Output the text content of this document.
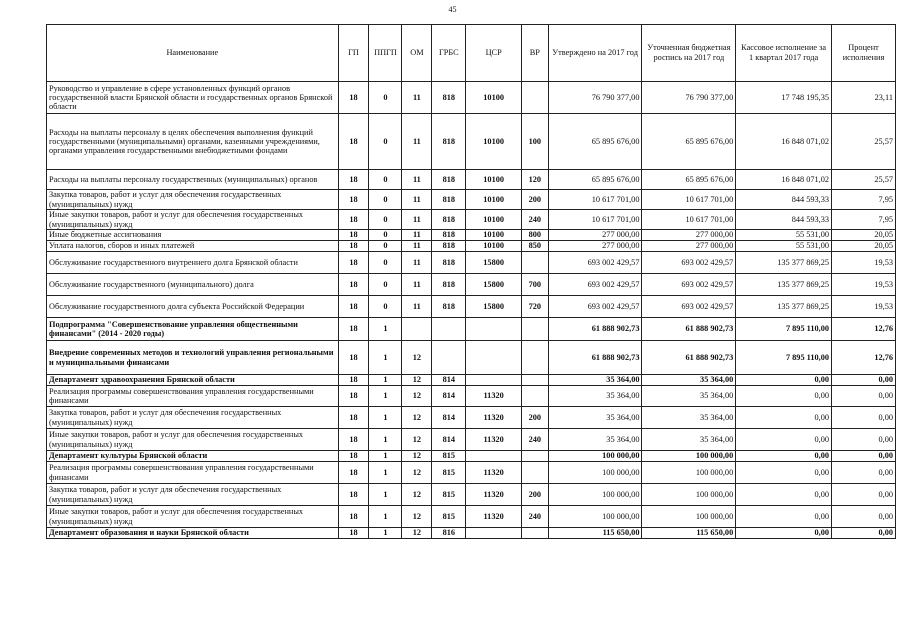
45
Наименование	ГП	ППГП	ОМ	ГРБС	ЦСР	ВР	Утверждено на 2017 год	Уточненная бюджетная роспись на 2017 год	Кассовое исполнение за 1 квартал 2017 года	Процент исполнения
Руководство и управление в сфере установленных функций органов государственной власти Брянской области и государственных органов Брянской области	18	0	11	818	10100		76 790 377,00	76 790 377,00	17 748 195,35	23,11
Расходы на выплаты персоналу в целях обеспечения выполнения функций государственными (муниципальными) органами, казенными учреждениями, органами управления государственными внебюджетными фондами	18	0	11	818	10100	100	65 895 676,00	65 895 676,00	16 848 071,02	25,57
Расходы на выплаты персоналу государственных (муниципальных) органов	18	0	11	818	10100	120	65 895 676,00	65 895 676,00	16 848 071,02	25,57
Закупка товаров, работ и услуг для обеспечения государственных (муниципальных) нужд	18	0	11	818	10100	200	10 617 701,00	10 617 701,00	844 593,33	7,95
Иные закупки товаров, работ и услуг для обеспечения государственных (муниципальных) нужд	18	0	11	818	10100	240	10 617 701,00	10 617 701,00	844 593,33	7,95
Иные бюджетные ассигнования	18	0	11	818	10100	800	277 000,00	277 000,00	55 531,00	20,05
Уплата налогов, сборов и иных платежей	18	0	11	818	10100	850	277 000,00	277 000,00	55 531,00	20,05
Обслуживание государственного внутреннего долга Брянской области	18	0	11	818	15800		693 002 429,57	693 002 429,57	135 377 869,25	19,53
Обслуживание государственного (муниципального) долга	18	0	11	818	15800	700	693 002 429,57	693 002 429,57	135 377 869,25	19,53
Обслуживание государственного долга субъекта Российской Федерации	18	0	11	818	15800	720	693 002 429,57	693 002 429,57	135 377 869,25	19,53
Подпрограмма "Совершенствование управления общественными финансами" (2014 - 2020 годы)	18	1					61 888 902,73	61 888 902,73	7 895 110,00	12,76
Внедрение современных методов и технологий управления региональными и муниципальными финансами	18	1	12				61 888 902,73	61 888 902,73	7 895 110,00	12,76
Департамент здравоохранения Брянской области	18	1	12	814			35 364,00	35 364,00	0,00	0,00
Реализация программы совершенствования управления государственными финансами	18	1	12	814	11320		35 364,00	35 364,00	0,00	0,00
Закупка товаров, работ и услуг для обеспечения государственных (муниципальных) нужд	18	1	12	814	11320	200	35 364,00	35 364,00	0,00	0,00
Иные закупки товаров, работ и услуг для обеспечения государственных (муниципальных) нужд	18	1	12	814	11320	240	35 364,00	35 364,00	0,00	0,00
Департамент культуры Брянской области	18	1	12	815			100 000,00	100 000,00	0,00	0,00
Реализация программы совершенствования управления государственными финансами	18	1	12	815	11320		100 000,00	100 000,00	0,00	0,00
Закупка товаров, работ и услуг для обеспечения государственных (муниципальных) нужд	18	1	12	815	11320	200	100 000,00	100 000,00	0,00	0,00
Иные закупки товаров, работ и услуг для обеспечения государственных (муниципальных) нужд	18	1	12	815	11320	240	100 000,00	100 000,00	0,00	0,00
Департамент образования и науки Брянской области	18	1	12	816			115 650,00	115 650,00	0,00	0,00
